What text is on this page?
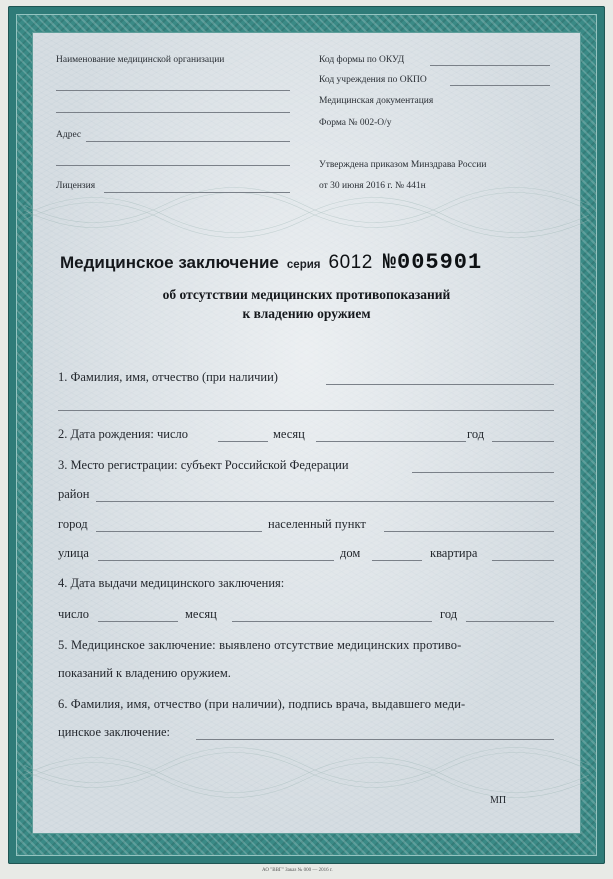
Наименование медицинской организации
Адрес
Лицензия
Код формы по ОКУД
Код учреждения по ОКПО
Медицинская документация
Форма № 002-О/у
Утверждена приказом Минздрава России
от 30 июня 2016 г. № 441н
Медицинское заключение серия 6012 №005901
об отсутствии медицинских противопоказаний
к владению оружием
1. Фамилия, имя, отчество (при наличии)
2. Дата рождения: число	месяц	год
3. Место регистрации: субъект Российской Федерации
район
город	населенный пункт
улица	дом	квартира
4. Дата выдачи медицинского заключения:
число	месяц	год
5. Медицинское заключение: выявлено отсутствие медицинских противо-
показаний к владению оружием.
6. Фамилия, имя, отчество (при наличии), подпись врача, выдавшего меди-
цинское заключение:
МП
АО "ВВГ" Заказ № 000 — 2016 г.
